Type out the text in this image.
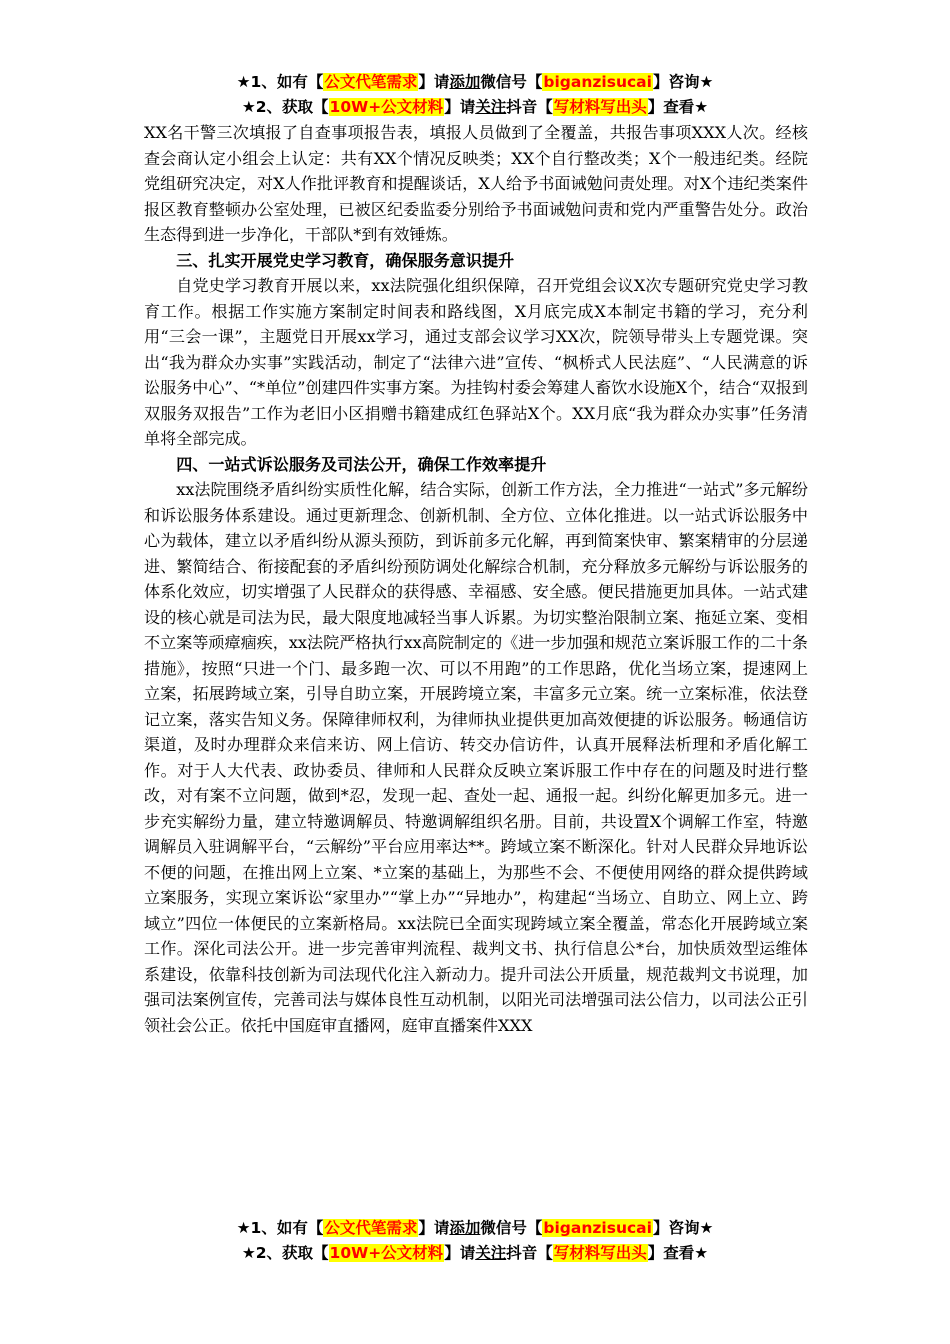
★1、如有【公文代笔需求】请添加微信号【biganzisucai】咨询★
★2、获取【10W+公文材料】请关注抖音【写材料写出头】查看★

XX名干警三次填报了自查事项报告表，填报人员做到了全覆盖，共报告事项XXX人次。经核查会商认定小组会上认定：共有XX个情况反映类；XX个自行整改类；X个一般违纪类。经院党组研究决定，对X人作批评教育和提醒谈话，X人给予书面诫勉问责处理。对X个违纪类案件报区教育整顿办公室处理，已被区纪委监委分别给予书面诫勉问责和党内严重警告处分。政治生态得到进一步净化，干部队*到有效锤炼。

三、扎实开展党史学习教育，确保服务意识提升

自党史学习教育开展以来，xx法院强化组织保障，召开党组会议X次专题研究党史学习教育工作。根据工作实施方案制定时间表和路线图，X月底完成X本制定书籍的学习，充分利用“三会一课”，主题党日开展xx学习，通过支部会议学习XX次，院领导带头上专题党课。突出“我为群众办实事”实践活动，制定了“法律六进”宣传、“枫桥式人民法庭”、“人民满意的诉讼服务中心”、“*单位”创建四件实事方案。为挂钩村委会筹建人畜饮水设施X个，结合“双报到双服务双报告”工作为老旧小区捐赠书籍建成红色驿站X个。XX月底“我为群众办实事”任务清单将全部完成。

四、一站式诉讼服务及司法公开，确保工作效率提升

xx法院围绕矛盾纠纷实质性化解，结合实际，创新工作方法，全力推进“一站式”多元解纷和诉讼服务体系建设。通过更新理念、创新机制、全方位、立体化推进。以一站式诉讼服务中心为载体，建立以矛盾纠纷从源头预防，到诉前多元化解，再到简案快审、繁案精审的分层递进、繁简结合、衔接配套的矛盾纠纷预防调处化解综合机制，充分释放多元解纷与诉讼服务的体系化效应，切实增强了人民群众的获得感、幸福感、安全感。便民措施更加具体。一站式建设的核心就是司法为民，最大限度地减轻当事人诉累。为切实整治限制立案、拖延立案、变相不立案等顽瘴痼疾，xx法院严格执行xx高院制定的《进一步加强和规范立案诉服工作的二十条措施》，按照“只进一个门、最多跑一次、可以不用跑”的工作思路，优化当场立案，提速网上立案，拓展跨域立案，引导自助立案，开展跨境立案，丰富多元立案。统一立案标准，依法登记立案，落实告知义务。保障律师权利，为律师执业提供更加高效便捷的诉讼服务。畅通信访渠道，及时办理群众来信来访、网上信访、转交办信访件，认真开展释法析理和矛盾化解工作。对于人大代表、政协委员、律师和人民群众反映立案诉服工作中存在的问题及时进行整改，对有案不立问题，做到*忍，发现一起、查处一起、通报一起。纠纷化解更加多元。进一步充实解纷力量，建立特邀调解员、特邀调解组织名册。目前，共设置X个调解工作室，特邀调解员入驻调解平台，“云解纷”平台应用率达**。跨域立案不断深化。针对人民群众异地诉讼不便的问题，在推出网上立案、*立案的基础上，为那些不会、不便使用网络的群众提供跨域立案服务，实现立案诉讼“家里办”“掌上办”“异地办”，构建起“当场立、自助立、网上立、跨域立”四位一体便民的立案新格局。xx法院已全面实现跨域立案全覆盖，常态化开展跨域立案工作。深化司法公开。进一步完善审判流程、裁判文书、执行信息公*台，加快质效型运维体系建设，依靠科技创新为司法现代化注入新动力。提升司法公开质量，规范裁判文书说理，加强司法案例宣传，完善司法与媒体良性互动机制，以阳光司法增强司法公信力，以司法公正引领社会公正。依托中国庭审直播网，庭审直播案件XXX

★1、如有【公文代笔需求】请添加微信号【biganzisucai】咨询★
★2、获取【10W+公文材料】请关注抖音【写材料写出头】查看★
